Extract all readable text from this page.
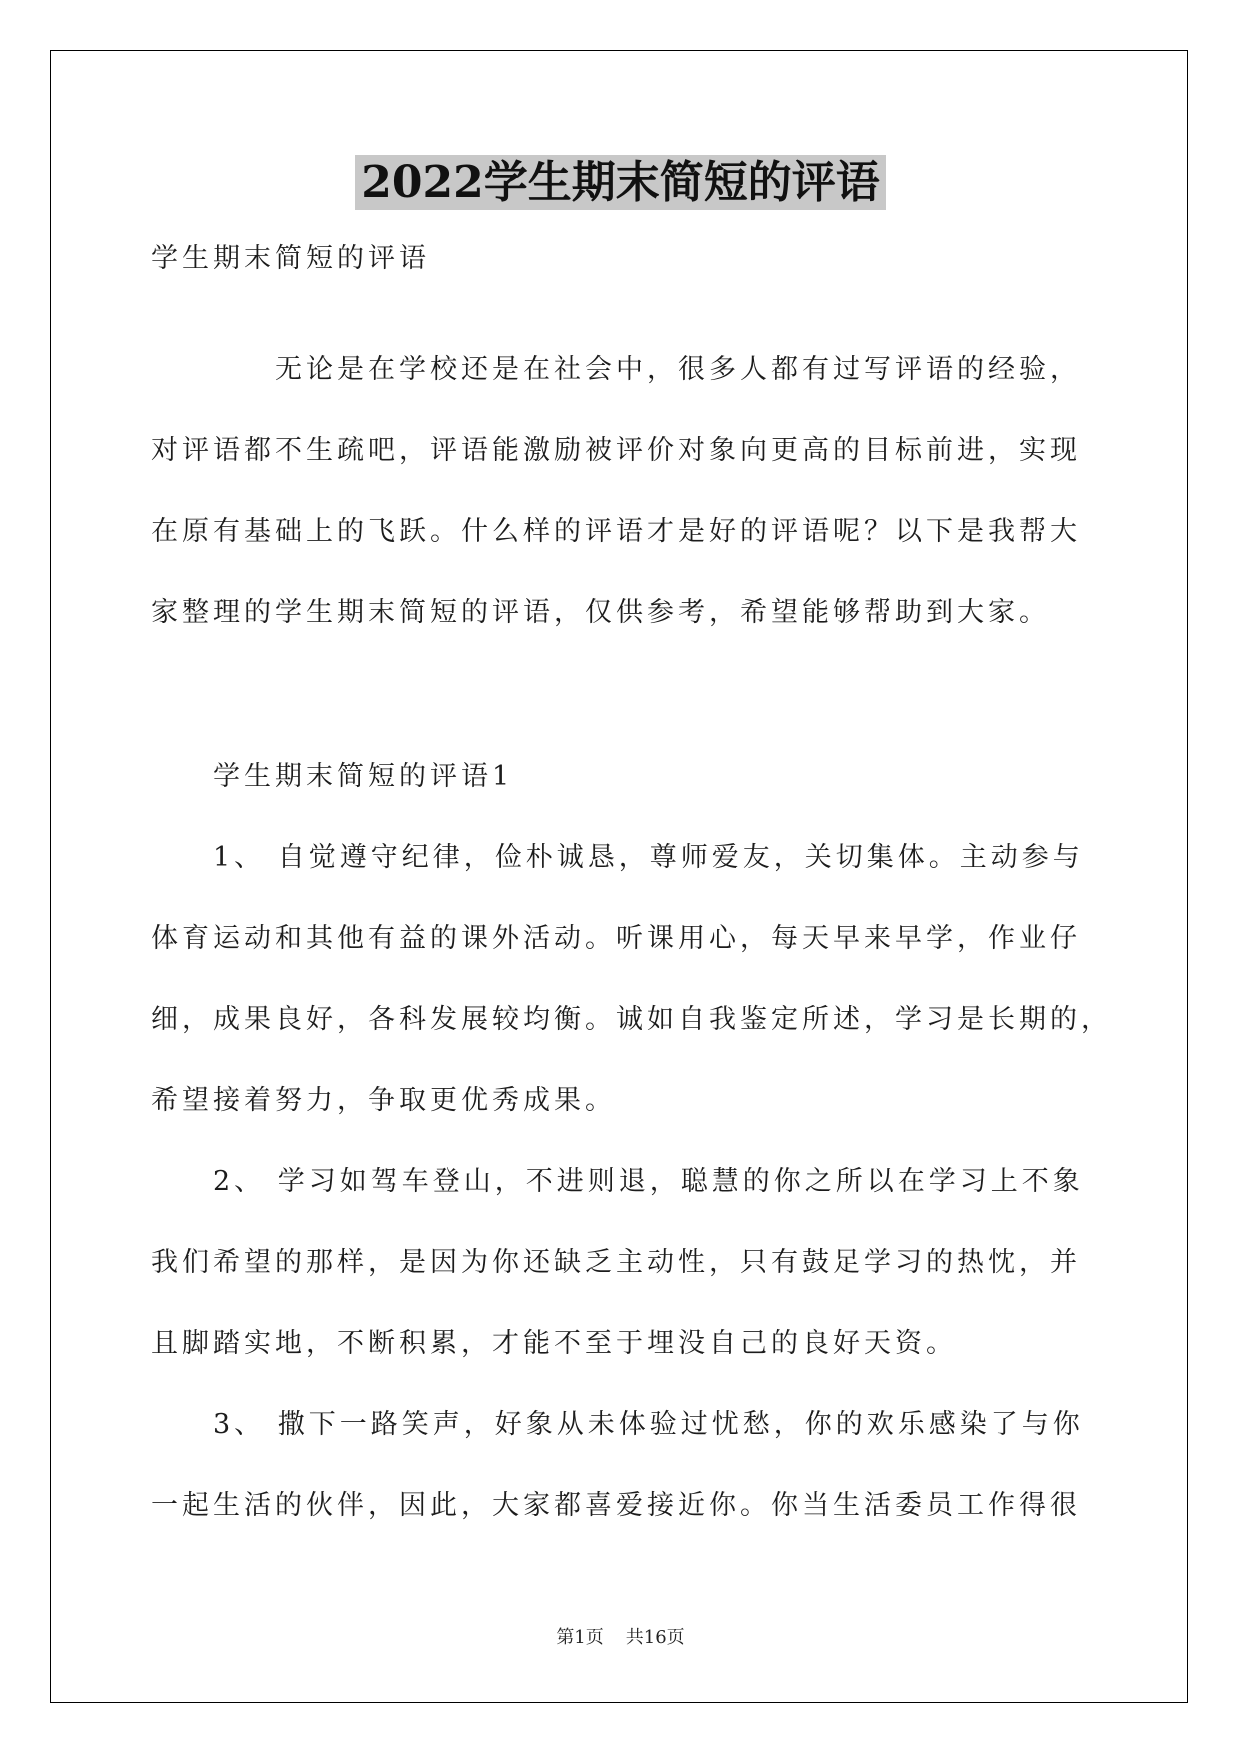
2022学生期末简短的评语
学生期末简短的评语
无论是在学校还是在社会中，很多人都有过写评语的经验，
对评语都不生疏吧，评语能激励被评价对象向更高的目标前进，实现
在原有基础上的飞跃。什么样的评语才是好的评语呢？以下是我帮大
家整理的学生期末简短的评语，仅供参考，希望能够帮助到大家。
学生期末简短的评语1
1、 自觉遵守纪律，俭朴诚恳，尊师爱友，关切集体。主动参与
体育运动和其他有益的课外活动。听课用心，每天早来早学，作业仔
细，成果良好，各科发展较均衡。诚如自我鉴定所述，学习是长期的，
希望接着努力，争取更优秀成果。
2、 学习如驾车登山，不进则退，聪慧的你之所以在学习上不象
我们希望的那样，是因为你还缺乏主动性，只有鼓足学习的热忱，并
且脚踏实地，不断积累，才能不至于埋没自己的良好天资。
3、 撒下一路笑声，好象从未体验过忧愁，你的欢乐感染了与你
一起生活的伙伴，因此，大家都喜爱接近你。你当生活委员工作得很
第1页 共16页
